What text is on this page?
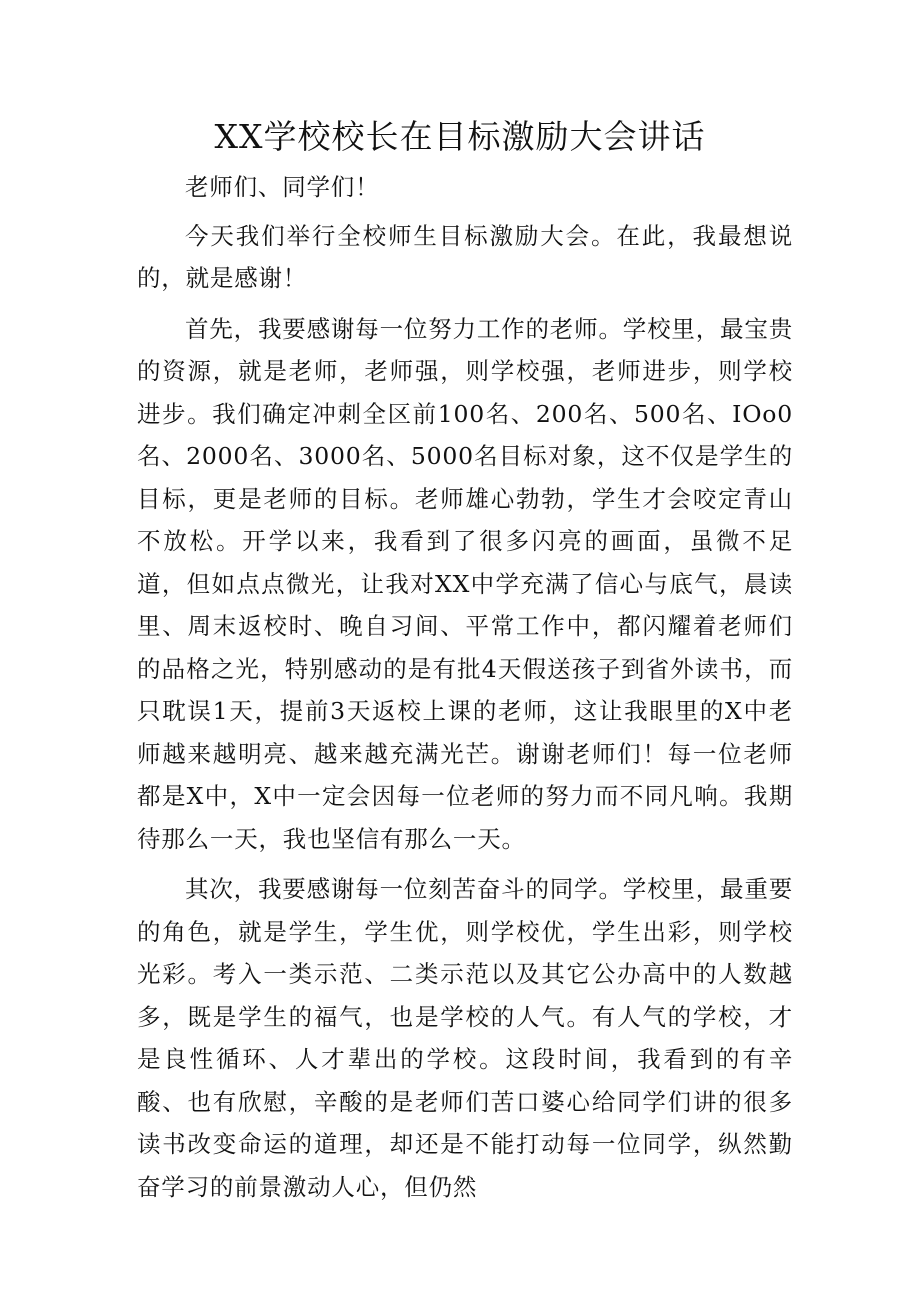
XX学校校长在目标激励大会讲话

老师们、同学们！

今天我们举行全校师生目标激励大会。在此，我最想说的，就是感谢！

首先，我要感谢每一位努力工作的老师。学校里，最宝贵的资源，就是老师，老师强，则学校强，老师进步，则学校进步。我们确定冲刺全区前100名、200名、500名、IOo0名、2000名、3000名、5000名目标对象，这不仅是学生的目标，更是老师的目标。老师雄心勃勃，学生才会咬定青山不放松。开学以来，我看到了很多闪亮的画面，虽微不足道，但如点点微光，让我对XX中学充满了信心与底气，晨读里、周末返校时、晚自习间、平常工作中，都闪耀着老师们的品格之光，特别感动的是有批4天假送孩子到省外读书，而只耽误1天，提前3天返校上课的老师，这让我眼里的X中老师越来越明亮、越来越充满光芒。谢谢老师们！每一位老师都是X中，X中一定会因每一位老师的努力而不同凡响。我期待那么一天，我也坚信有那么一天。

其次，我要感谢每一位刻苦奋斗的同学。学校里，最重要的角色，就是学生，学生优，则学校优，学生出彩，则学校光彩。考入一类示范、二类示范以及其它公办高中的人数越多，既是学生的福气，也是学校的人气。有人气的学校，才是良性循环、人才辈出的学校。这段时间，我看到的有辛酸、也有欣慰，辛酸的是老师们苦口婆心给同学们讲的很多读书改变命运的道理，却还是不能打动每一位同学，纵然勤奋学习的前景激动人心，但仍然
